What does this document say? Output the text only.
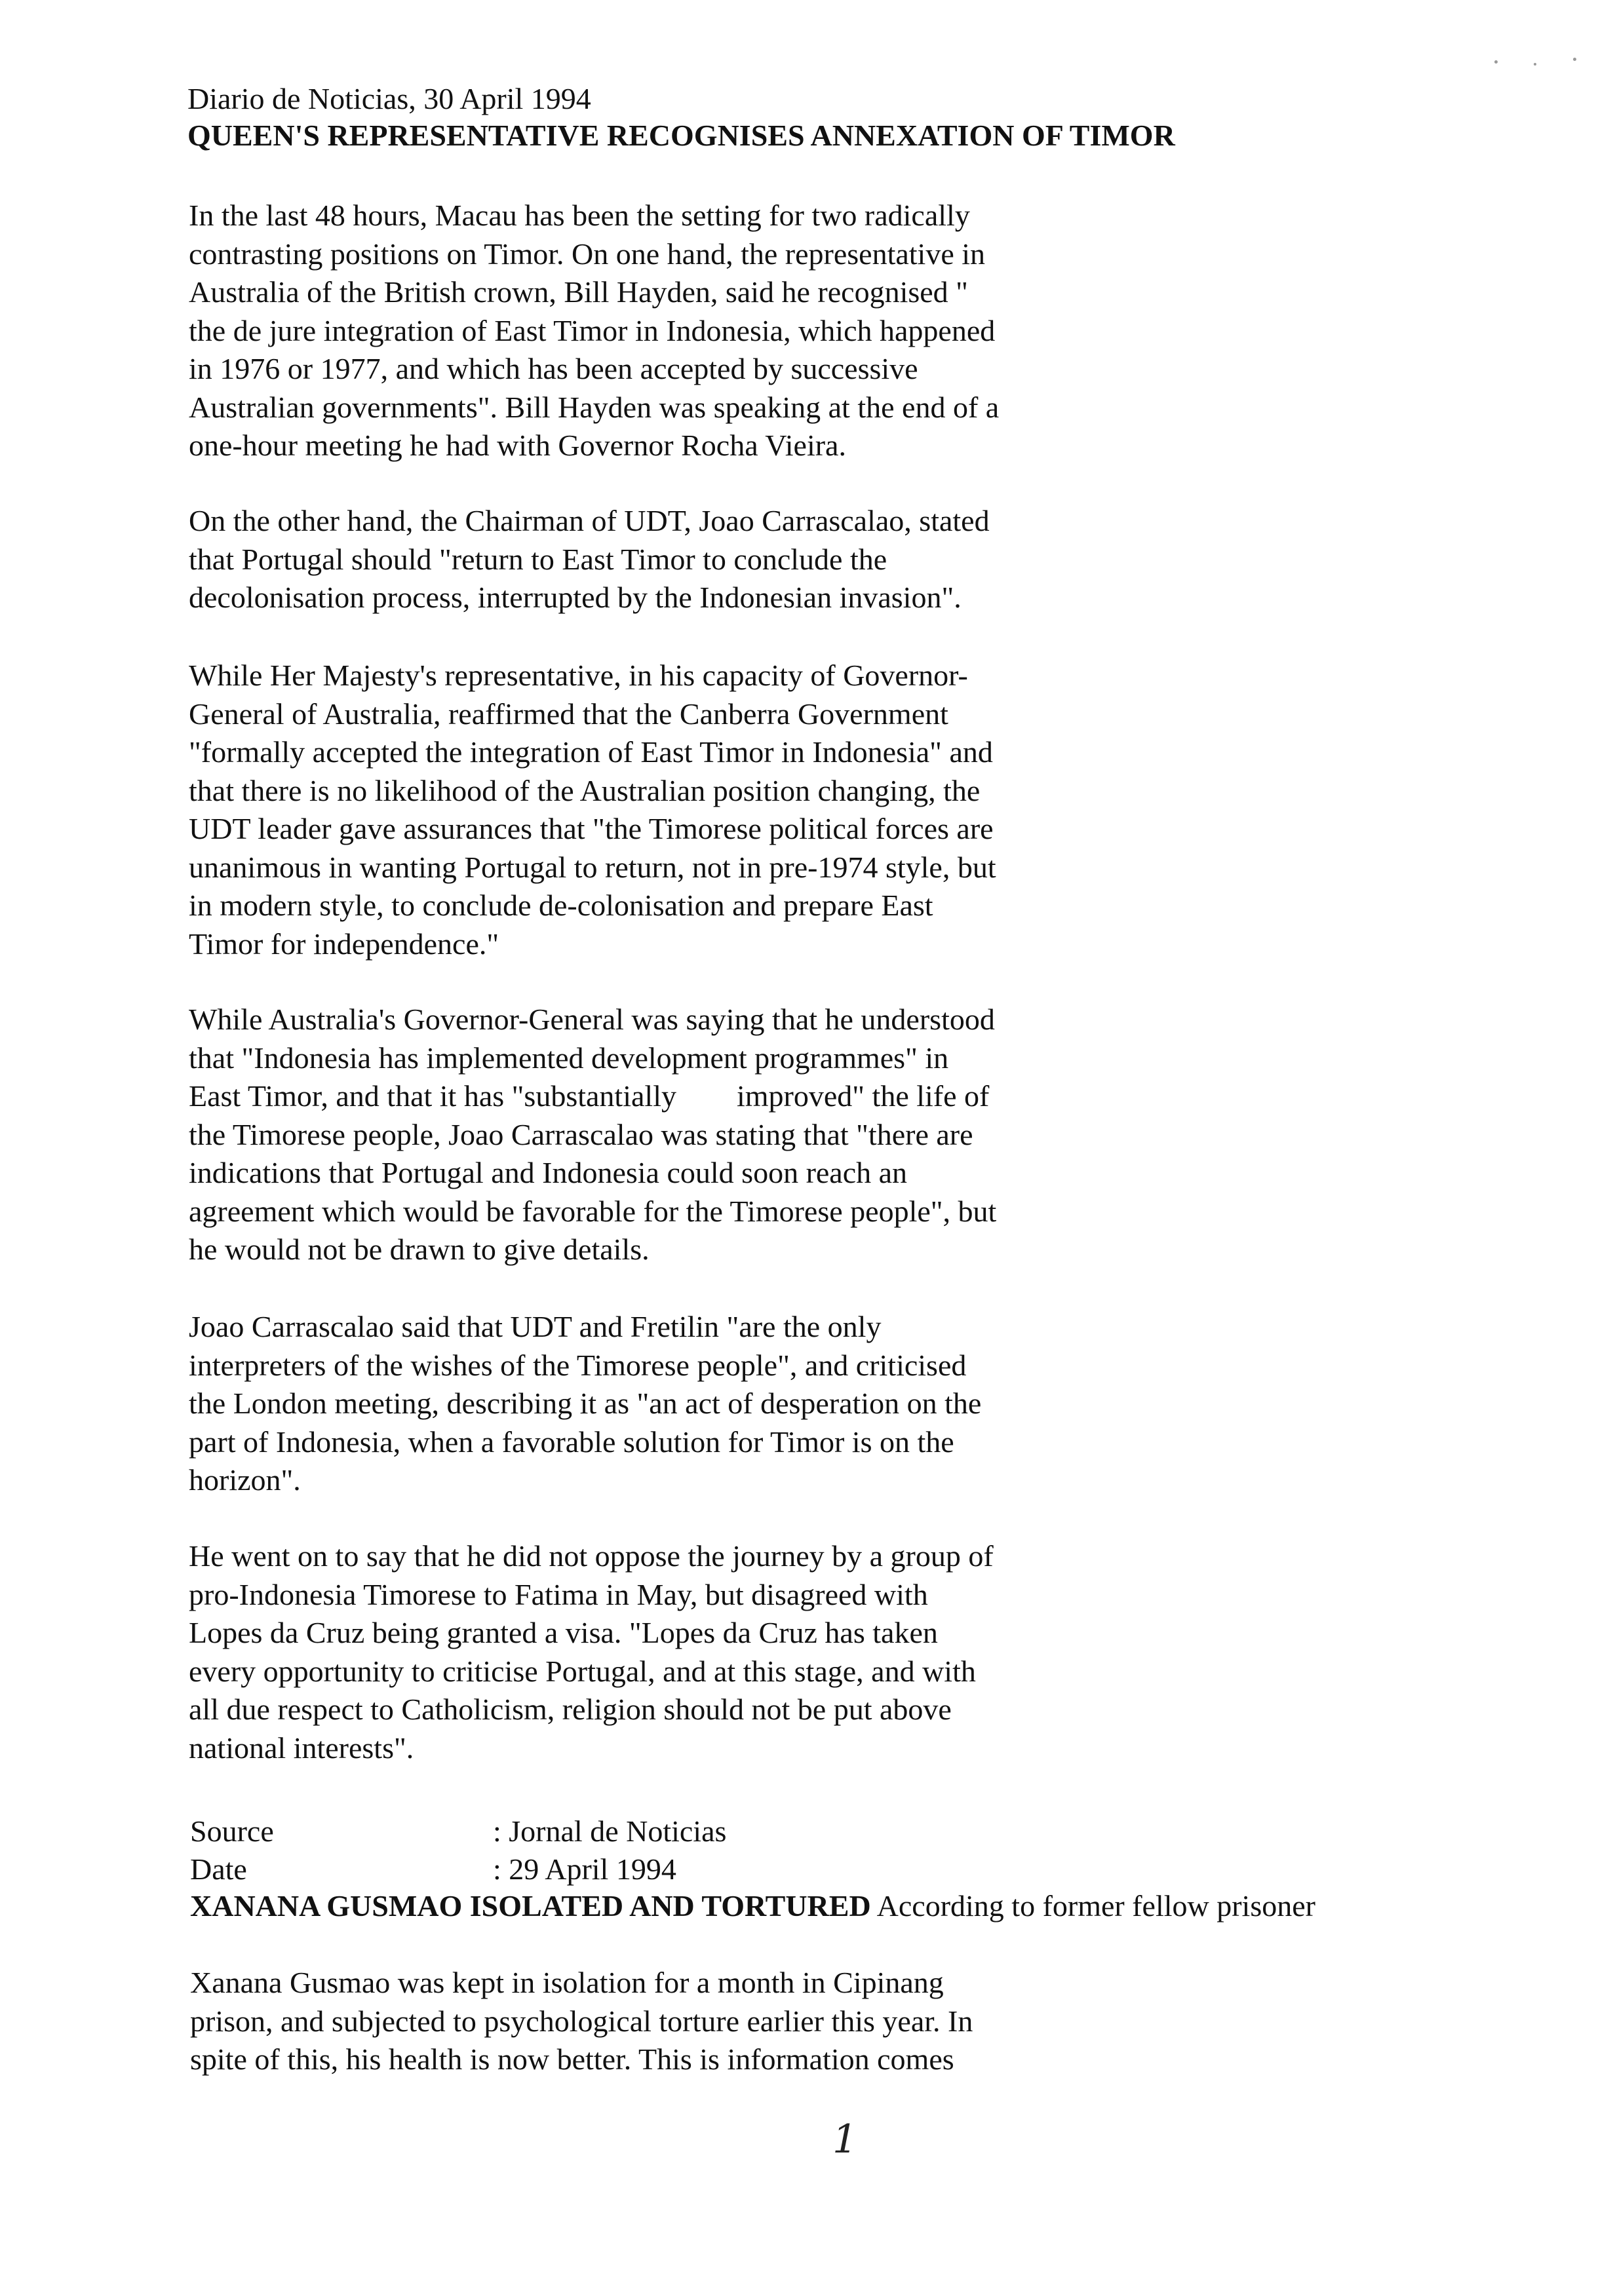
Diario de Noticias, 30 April 1994
QUEEN'S REPRESENTATIVE RECOGNISES ANNEXATION OF TIMOR
In the last 48 hours, Macau has been the setting for two radically
contrasting positions on Timor. On one hand, the representative in
Australia of the British crown, Bill Hayden, said he recognised "
the de jure integration of East Timor in Indonesia, which happened
in 1976 or 1977, and which has been accepted by successive
Australian governments". Bill Hayden was speaking at the end of a
one-hour meeting he had with Governor Rocha Vieira.
On the other hand, the Chairman of UDT, Joao Carrascalao, stated
that Portugal should "return to East Timor to conclude the
decolonisation process, interrupted by the Indonesian invasion".
While Her Majesty's representative, in his capacity of Governor-
General of Australia, reaffirmed that the Canberra Government
"formally accepted the integration of East Timor in Indonesia" and
that there is no likelihood of the Australian position changing, the
UDT leader gave assurances that "the Timorese political forces are
unanimous in wanting Portugal to return, not in pre-1974 style, but
in modern style, to conclude de-colonisation and prepare East
Timor for independence."
While Australia's Governor-General was saying that he understood
that "Indonesia has implemented development programmes" in
East Timor, and that it has "substantially        improved" the life of
the Timorese people, Joao Carrascalao was stating that "there are
indications that Portugal and Indonesia could soon reach an
agreement which would be favorable for the Timorese people", but
he would not be drawn to give details.
Joao Carrascalao said that UDT and Fretilin "are the only
interpreters of the wishes of the Timorese people", and criticised
the London meeting, describing it as "an act of desperation on the
part of Indonesia, when a favorable solution for Timor is on the
horizon".
He went on to say that he did not oppose the journey by a group of
pro-Indonesia Timorese to Fatima in May, but disagreed with
Lopes da Cruz being granted a visa. "Lopes da Cruz has taken
every opportunity to criticise Portugal, and at this stage, and with
all due respect to Catholicism, religion should not be put above
national interests".
Source	: Jornal de Noticias
Date	: 29 April 1994
XANANA GUSMAO ISOLATED AND TORTURED According to former fellow prisoner
Xanana Gusmao was kept in isolation for a month in Cipinang
prison, and subjected to psychological torture earlier this year. In
spite of this, his health is now better. This is information comes
1
